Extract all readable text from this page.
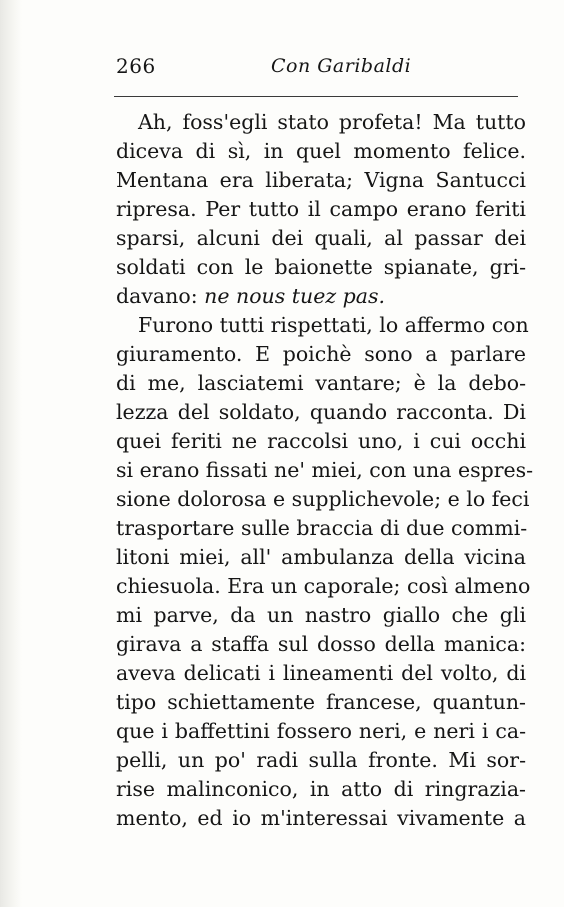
266	Con Garibaldi
Ah, foss'egli stato profeta! Ma tutto
diceva di sì, in quel momento felice.
Mentana era liberata; Vigna Santucci
ripresa. Per tutto il campo erano feriti
sparsi, alcuni dei quali, al passar dei
soldati con le baionette spianate, gri-
davano: ne nous tuez pas.
Furono tutti rispettati, lo affermo con
giuramento. E poichè sono a parlare
di me, lasciatemi vantare; è la debo-
lezza del soldato, quando racconta. Di
quei feriti ne raccolsi uno, i cui occhi
si erano fissati ne' miei, con una espres-
sione dolorosa e supplichevole; e lo feci
trasportare sulle braccia di due commi-
litoni miei, all' ambulanza della vicina
chiesuola. Era un caporale; così almeno
mi parve, da un nastro giallo che gli
girava a staffa sul dosso della manica:
aveva delicati i lineamenti del volto, di
tipo schiettamente francese, quantun-
que i baffettini fossero neri, e neri i ca-
pelli, un po' radi sulla fronte. Mi sor-
rise malinconico, in atto di ringrazia-
mento, ed io m'interessai vivamente a
